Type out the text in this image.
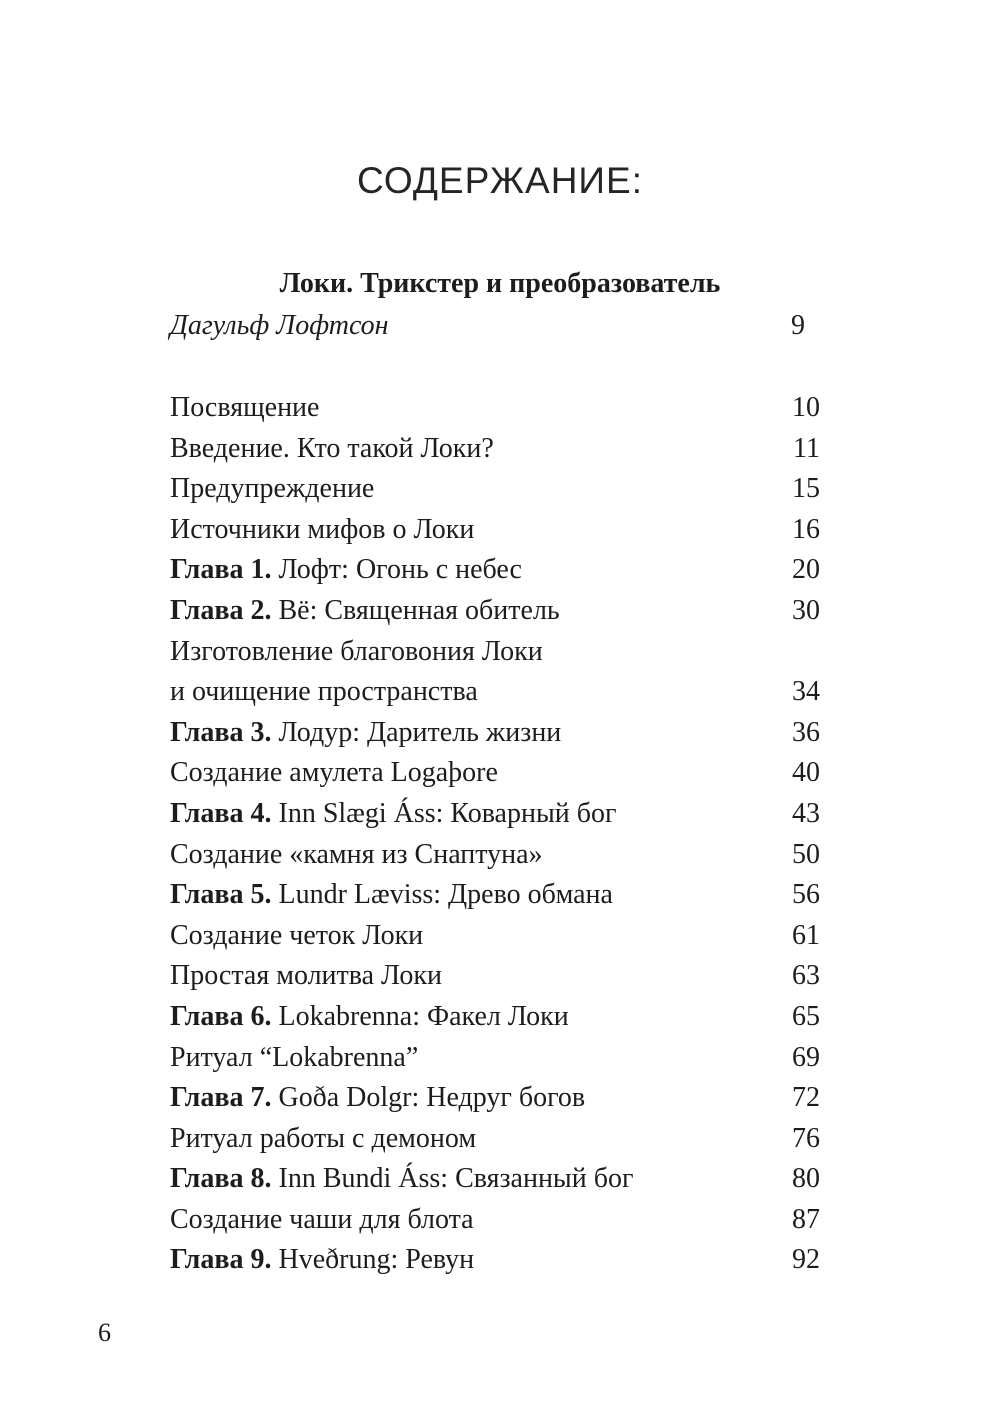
СОДЕРЖАНИЕ:
Локи. Трикстер и преобразователь
Дагульф Лофтсон	9
Посвящение	10
Введение. Кто такой Локи?	11
Предупреждение	15
Источники мифов о Локи	16
Глава 1. Лофт: Огонь с небес	20
Глава 2. Вё: Священная обитель	30
Изготовление благовония Локи
и очищение пространства	34
Глава 3. Лодур: Даритель жизни	36
Создание амулета Logaþore	40
Глава 4. Inn Slægi Áss: Коварный бог	43
Создание «камня из Снаптуна»	50
Глава 5. Lundr Læviss: Древо обмана	56
Создание четок Локи	61
Простая молитва Локи	63
Глава 6. Lokabrenna: Факел Локи	65
Ритуал “Lokabrenna”	69
Глава 7. Goða Dolgr: Недруг богов	72
Ритуал работы с демоном	76
Глава 8. Inn Bundi Áss: Связанный бог	80
Создание чаши для блота	87
Глава 9. Hveðrung: Ревун	92
6
